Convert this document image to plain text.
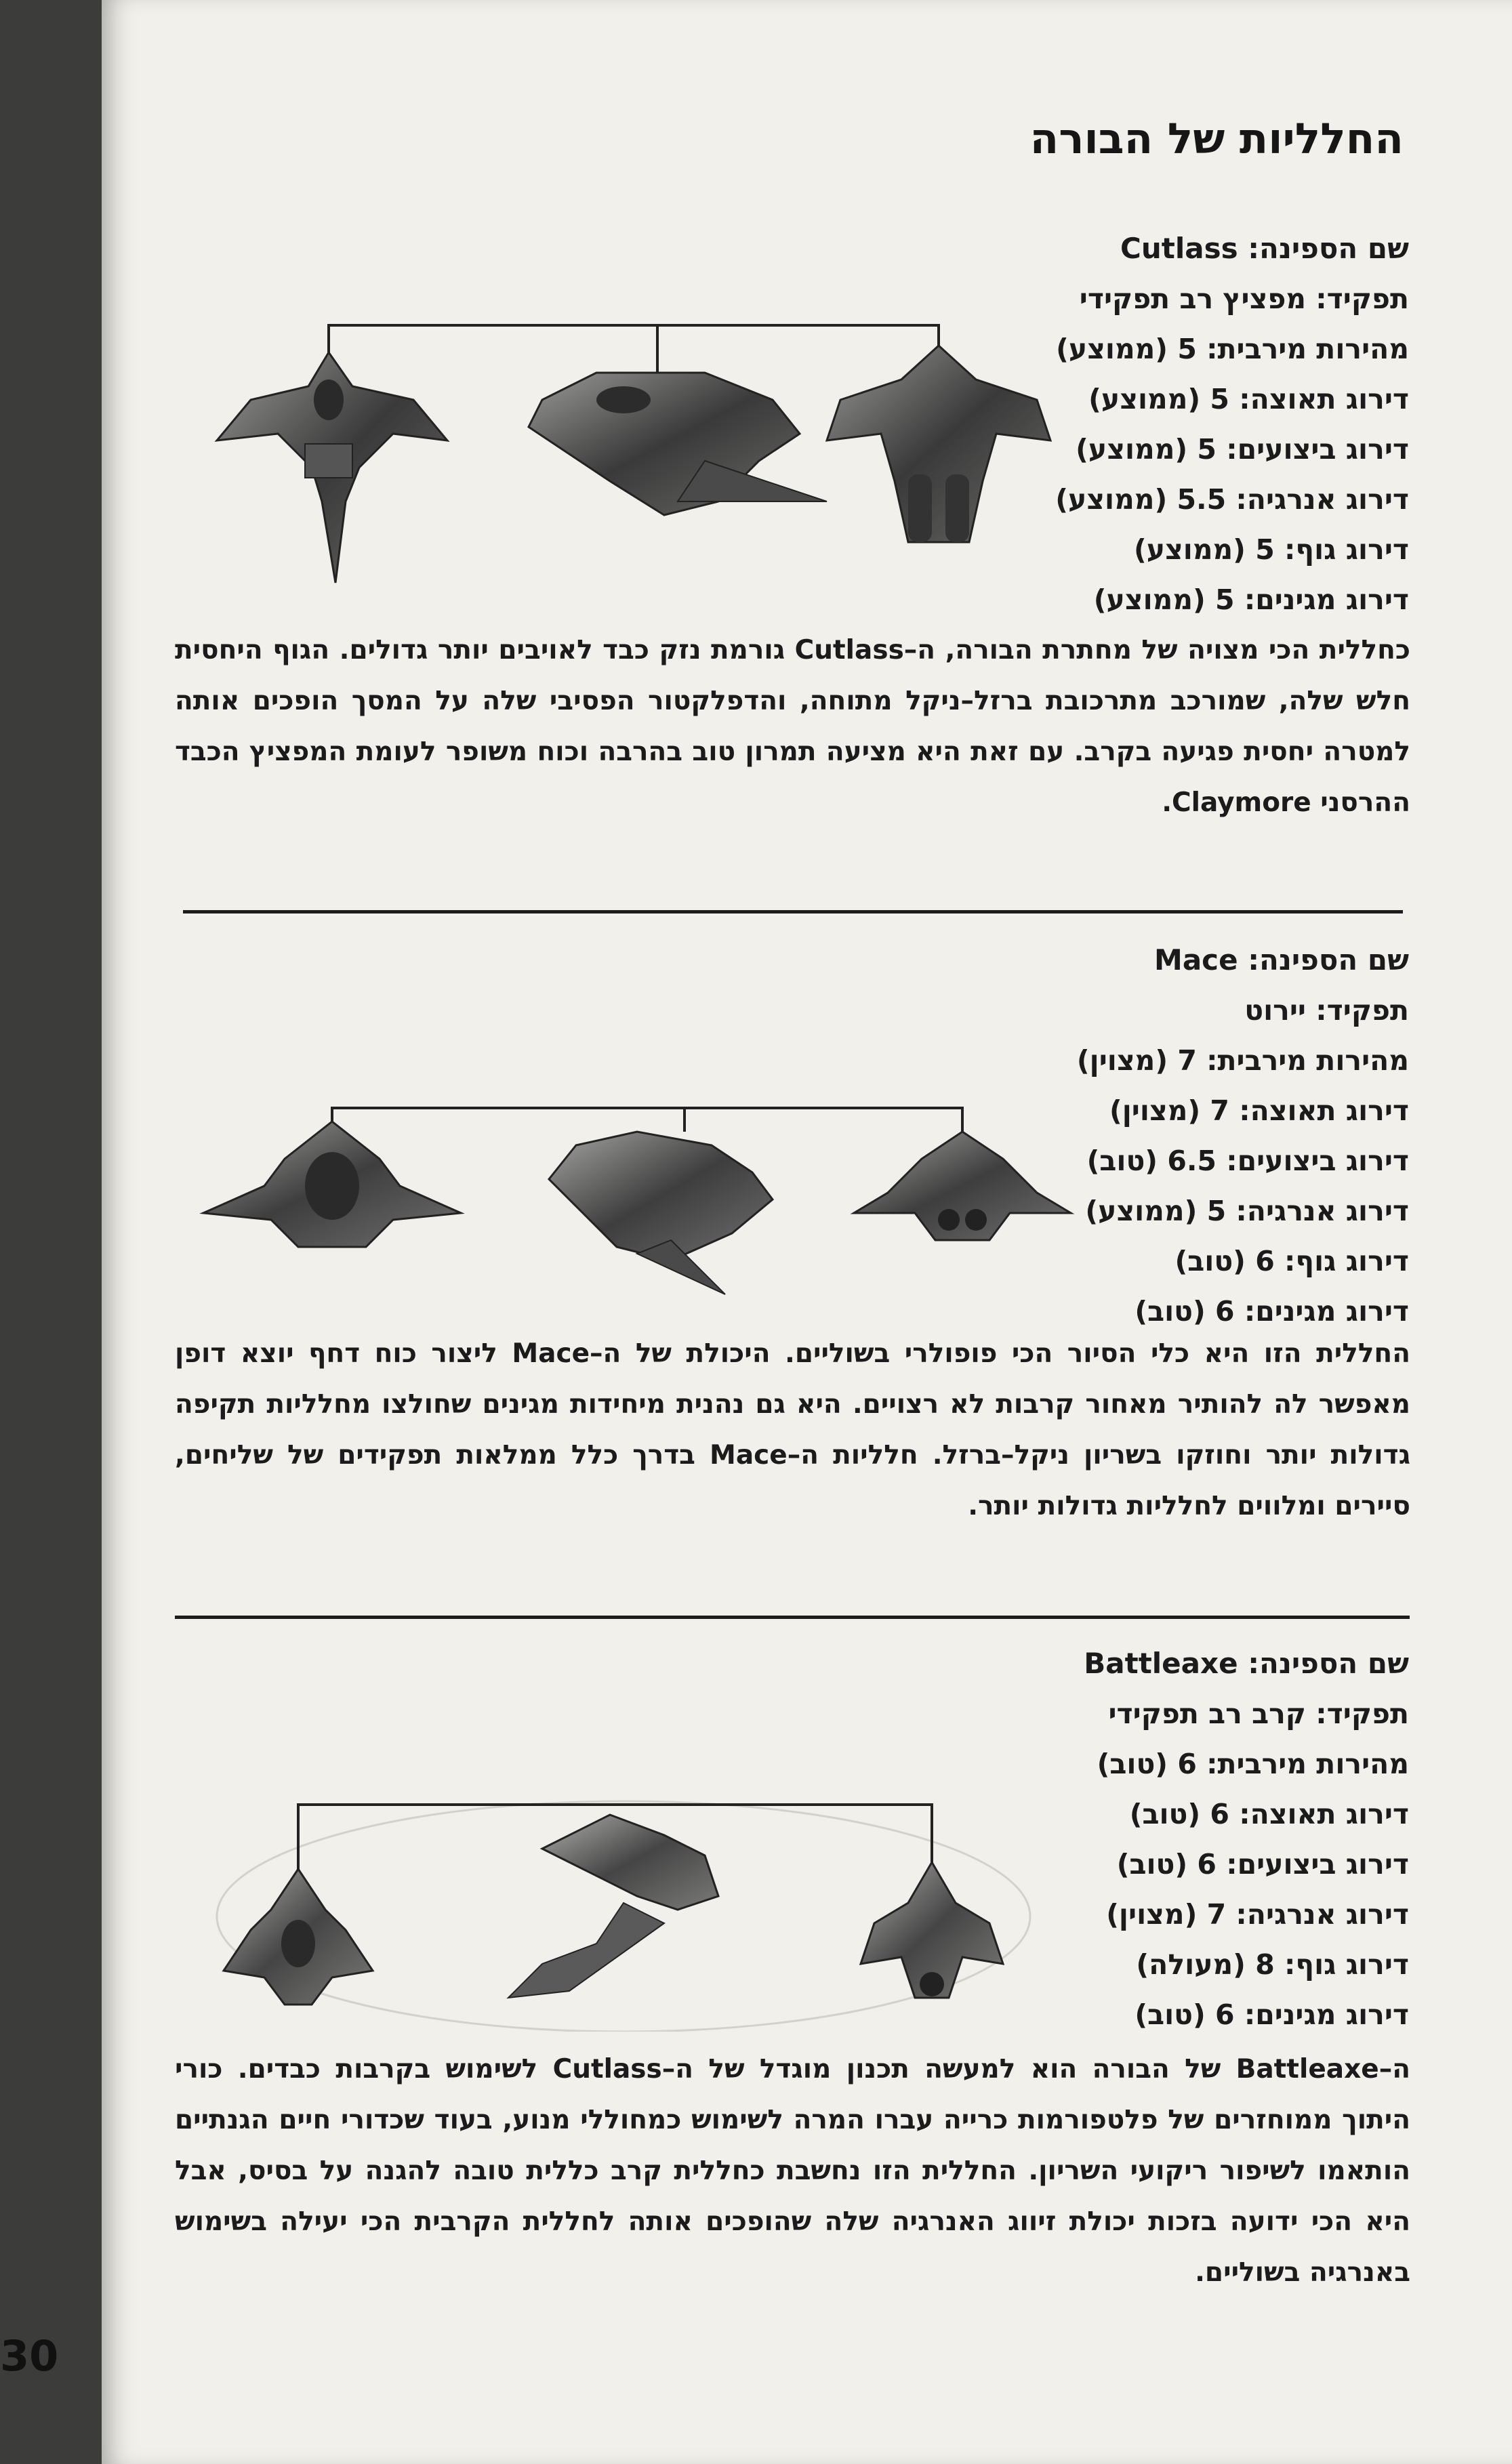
החלליות של הבורה
שם הספינה: Cutlass
תפקיד: מפציץ רב תפקידי
מהירות מירבית: 5 (ממוצע)
דירוג תאוצה: 5 (ממוצע)
דירוג ביצועים: 5 (ממוצע)
דירוג אנרגיה: 5.5 (ממוצע)
דירוג גוף: 5 (ממוצע)
דירוג מגינים: 5 (ממוצע)

כחללית הכי מצויה של מחתרת הבורה, ה–Cutlass גורמת נזק כבד לאויבים יותר גדולים. הגוף היחסית חלש שלה, שמורכב מתרכובת ברזל–ניקל מתוחה, והדפלקטור הפסיבי שלה על המסך הופכים אותה למטרה יחסית פגיעה בקרב. עם זאת היא מציעה תמרון טוב בהרבה וכוח משופר לעומת המפציץ הכבד ההרסני Claymore.

שם הספינה: Mace
תפקיד: יירוט
מהירות מירבית: 7 (מצוין)
דירוג תאוצה: 7 (מצוין)
דירוג ביצועים: 6.5 (טוב)
דירוג אנרגיה: 5 (ממוצע)
דירוג גוף: 6 (טוב)
דירוג מגינים: 6 (טוב)

החללית הזו היא כלי הסיור הכי פופולרי בשוליים. היכולת של ה–Mace ליצור כוח דחף יוצא דופן מאפשר לה להותיר מאחור קרבות לא רצויים. היא גם נהנית מיחידות מגינים שחולצו מחלליות תקיפה גדולות יותר וחוזקו בשריון ניקל–ברזל. חלליות ה–Mace בדרך כלל ממלאות תפקידים של שליחים, סיירים ומלווים לחלליות גדולות יותר.

שם הספינה: Battleaxe
תפקיד: קרב רב תפקידי
מהירות מירבית: 6 (טוב)
דירוג תאוצה: 6 (טוב)
דירוג ביצועים: 6 (טוב)
דירוג אנרגיה: 7 (מצוין)
דירוג גוף: 8 (מעולה)
דירוג מגינים: 6 (טוב)

ה–Battleaxe של הבורה הוא למעשה תכנון מוגדל של ה–Cutlass לשימוש בקרבות כבדים. כורי היתוך ממוחזרים של פלטפורמות כרייה עברו המרה לשימוש כמחוללי מנוע, בעוד שכדורי חיים הגנתיים הותאמו לשיפור ריקועי השריון. החללית הזו נחשבת כחללית קרב כללית טובה להגנה על בסיס, אבל היא הכי ידועה בזכות יכולת זיווג האנרגיה שלה שהופכים אותה לחללית הקרבית הכי יעילה בשימוש באנרגיה בשוליים.

30
